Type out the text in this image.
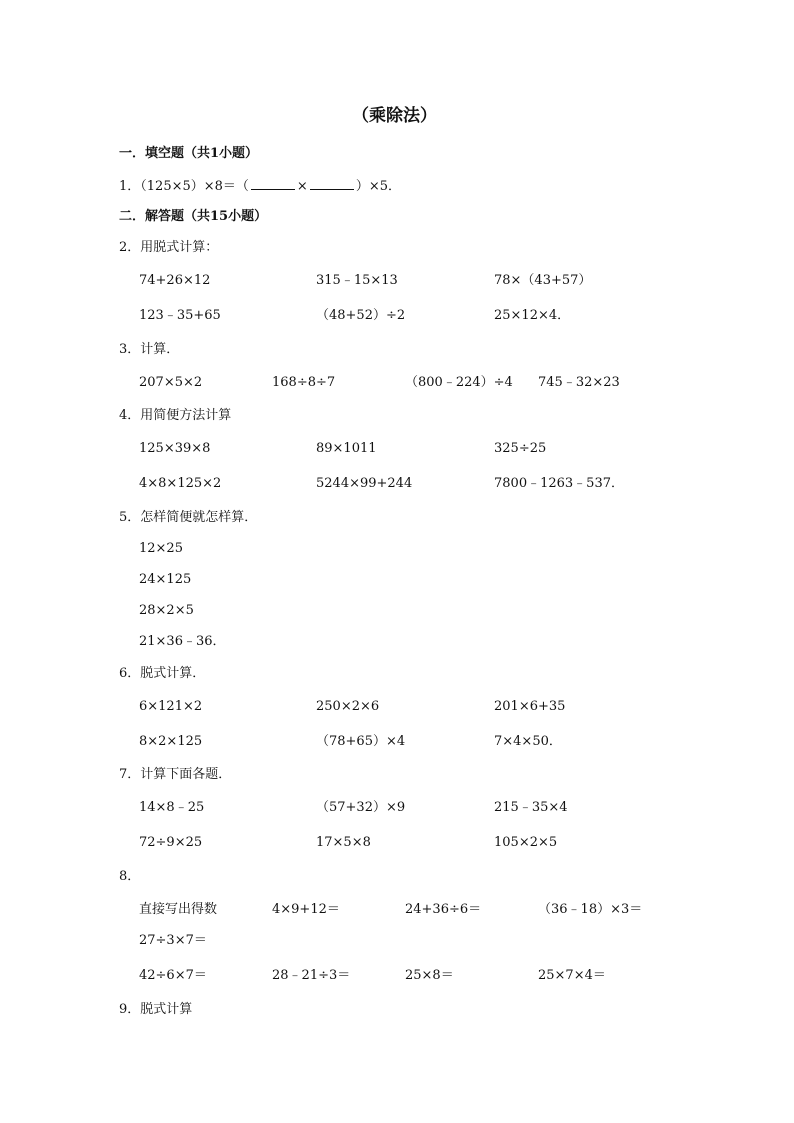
（乘除法）
一．填空题（共1小题）
1．（125×5）×8＝（	×	）×5．
二．解答题（共15小题）
2．用脱式计算：
74+26×12	315﹣15×13	78×（43+57）
123﹣35+65	（48+52）÷2	25×12×4．
3．计算．
207×5×2	168÷8÷7	（800﹣224）÷4 745﹣32×23
4．用简便方法计算
125×39×8	89×1011	325÷25
4×8×125×2	5244×99+244	7800﹣1263﹣537．
5．怎样简便就怎样算．
12×25
24×125
28×2×5
21×36﹣36．
6．脱式计算．
6×121×2	250×2×6	201×6+35
8×2×125	（78+65）×4	7×4×50．
7．计算下面各题．
14×8﹣25	（57+32）×9	215﹣35×4
72÷9×25	17×5×8	105×2×5
8．
直接写出得数	4×9+12＝	24+36÷6＝	（36﹣18）×3＝
27÷3×7＝
42÷6×7＝	28﹣21÷3＝	25×8＝	25×7×4＝
9．脱式计算
